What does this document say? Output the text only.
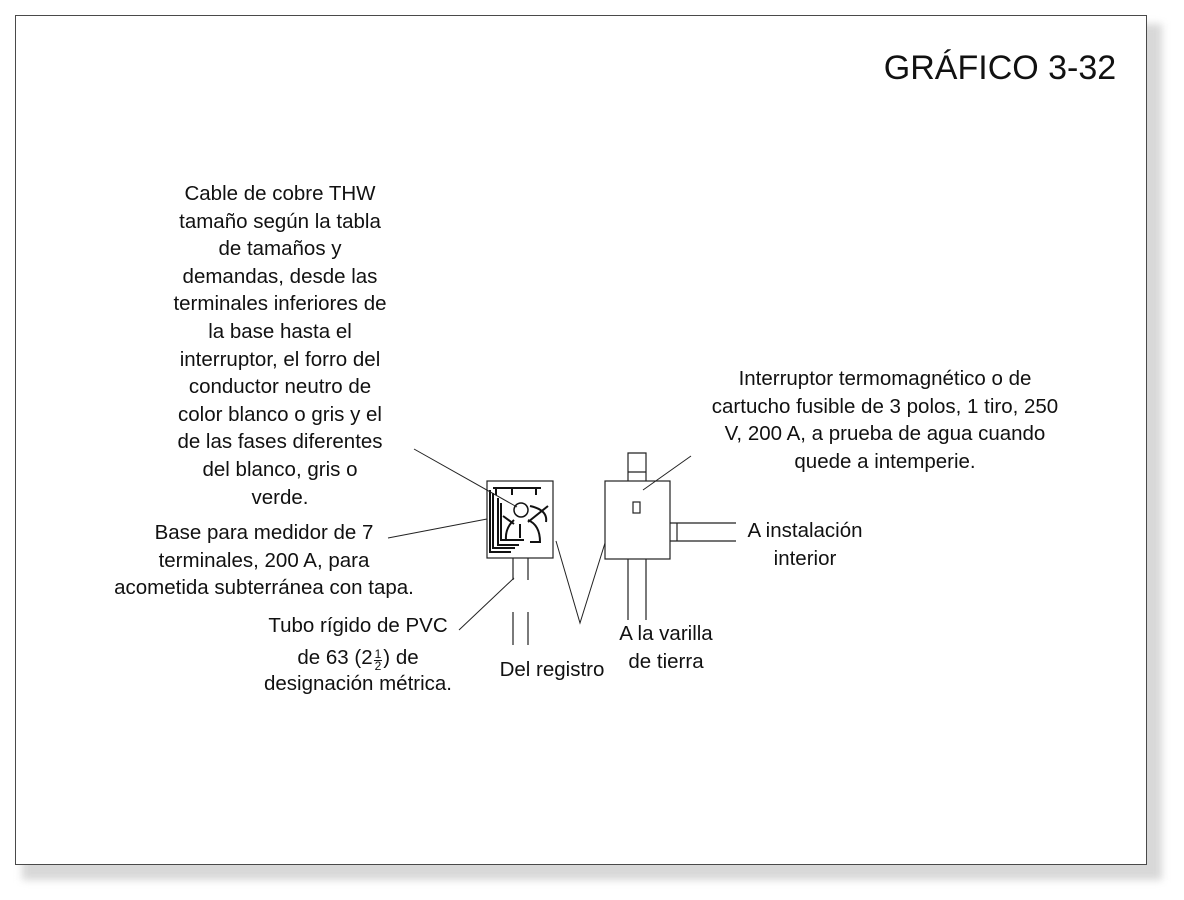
GRÁFICO 3-32
Cable de cobre THW
tamaño según la tabla
de tamaños y
demandas, desde las
terminales inferiores de
la base hasta el
interruptor, el forro del
conductor neutro de
color blanco o gris y el
de las fases diferentes
del blanco, gris o
verde.
Base para medidor de 7
terminales, 200 A, para
acometida subterránea con tapa.
Tubo rígido de PVC
de 63 ($2 \frac{1}{2}$ ) de
designación métrica.
Del registro
A la varilla
de tierra
Interruptor termomagnético o de
cartucho fusible de 3 polos, 1 tiro, 250
V, 200 A, a prueba de agua cuando
quede a intemperie.
A instalación
interior
